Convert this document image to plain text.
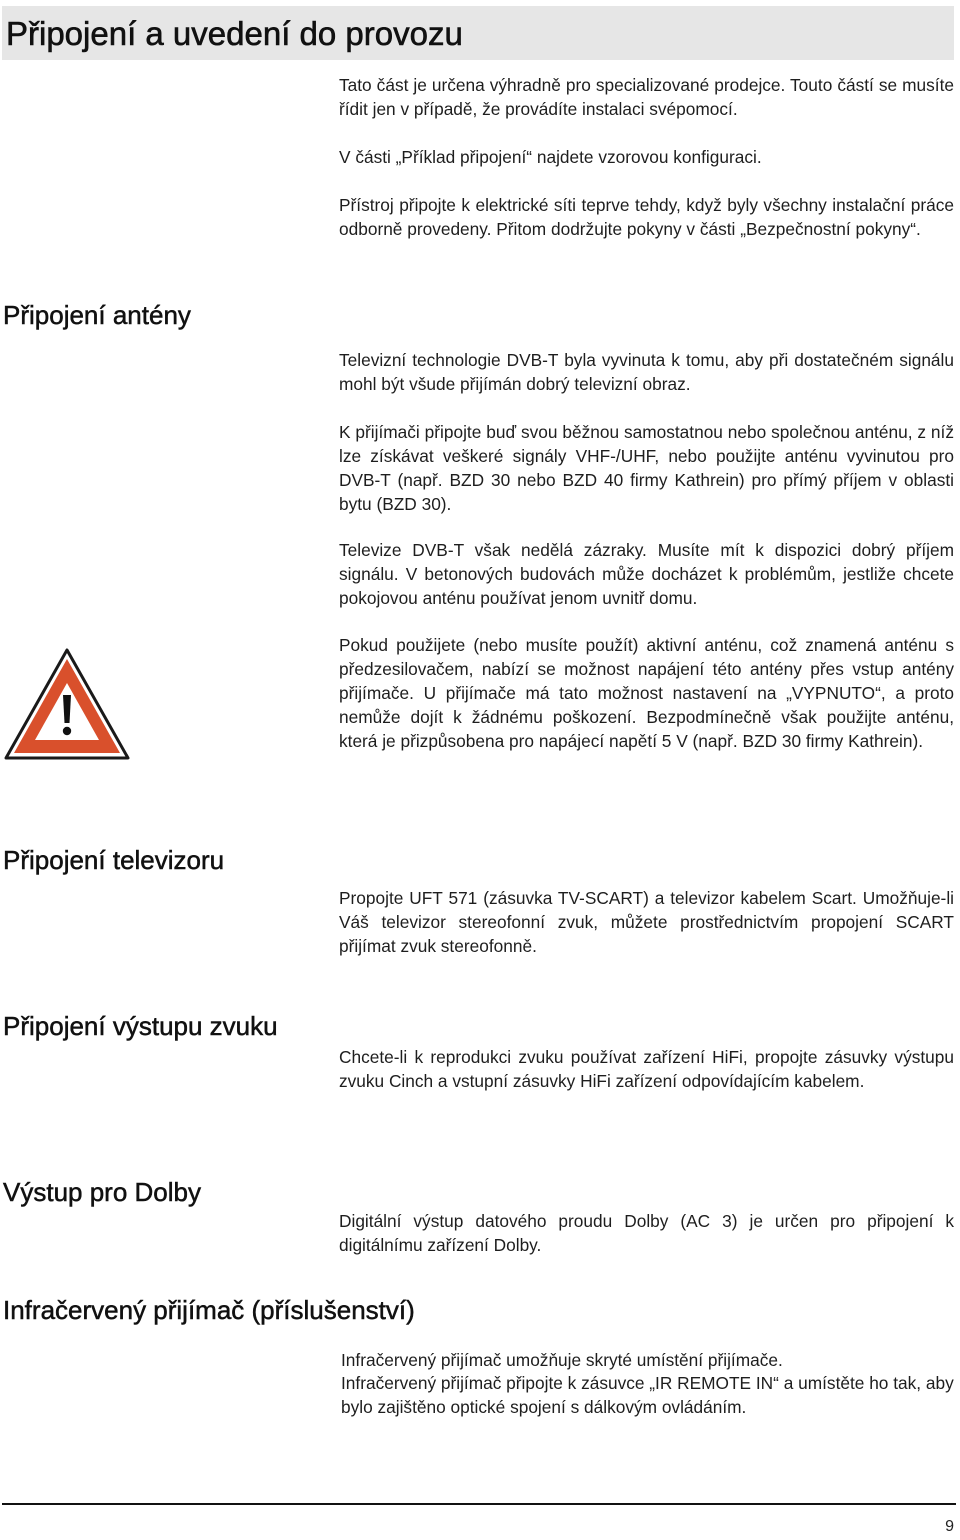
Připojení a uvedení do provozu

Tato část je určena výhradně pro specializované prodejce. Touto částí se musíte řídit jen v případě, že provádíte instalaci svépomocí.

V části „Příklad připojení“ najdete vzorovou konfiguraci.

Přístroj připojte k elektrické síti teprve tehdy, když byly všechny instalační práce odborně provedeny. Přitom dodržujte pokyny v části „Bezpečnostní pokyny“.

Připojení antény

Televizní technologie DVB-T byla vyvinuta k tomu, aby při dostatečném signálu mohl být všude přijímán dobrý televizní obraz.

K přijímači připojte buď svou běžnou samostatnou nebo společnou anténu, z níž lze získávat veškeré signály VHF-/UHF, nebo použijte anténu vyvinutou pro DVB-T (např. BZD 30 nebo BZD 40 firmy Kathrein) pro přímý příjem v oblasti bytu (BZD 30).

Televize DVB-T však nedělá zázraky. Musíte mít k dispozici dobrý příjem signálu. V betonových budovách může docházet k problémům, jestliže chcete pokojovou anténu používat jenom uvnitř domu.

Pokud použijete (nebo musíte použít) aktivní anténu, což znamená anténu s předzesilovačem, nabízí se možnost napájení této antény přes vstup antény přijímače. U přijímače má tato možnost nastavení na „VYPNUTO“, a proto nemůže dojít k žádnému poškození. Bezpodmínečně však použijte anténu, která je přizpůsobena pro napájecí napětí 5 V (např. BZD 30 firmy Kathrein).

Připojení televizoru

Propojte UFT 571 (zásuvka TV-SCART) a televizor kabelem Scart. Umožňuje-li Váš televizor stereofonní zvuk, můžete prostřednictvím propojení SCART přijímat zvuk stereofonně.

Připojení výstupu zvuku

Chcete-li k reprodukci zvuku používat zařízení HiFi, propojte zásuvky výstupu zvuku Cinch a vstupní zásuvky HiFi zařízení odpovídajícím kabelem.

Výstup pro Dolby

Digitální výstup datového proudu Dolby (AC 3) je určen pro připojení k digitálnímu zařízení Dolby.

Infračervený přijímač (příslušenství)

Infračervený přijímač umožňuje skryté umístění přijímače.

Infračervený přijímač připojte k zásuvce „IR REMOTE IN“ a umístěte ho tak, aby bylo zajištěno optické spojení s dálkovým ovládáním.

9
